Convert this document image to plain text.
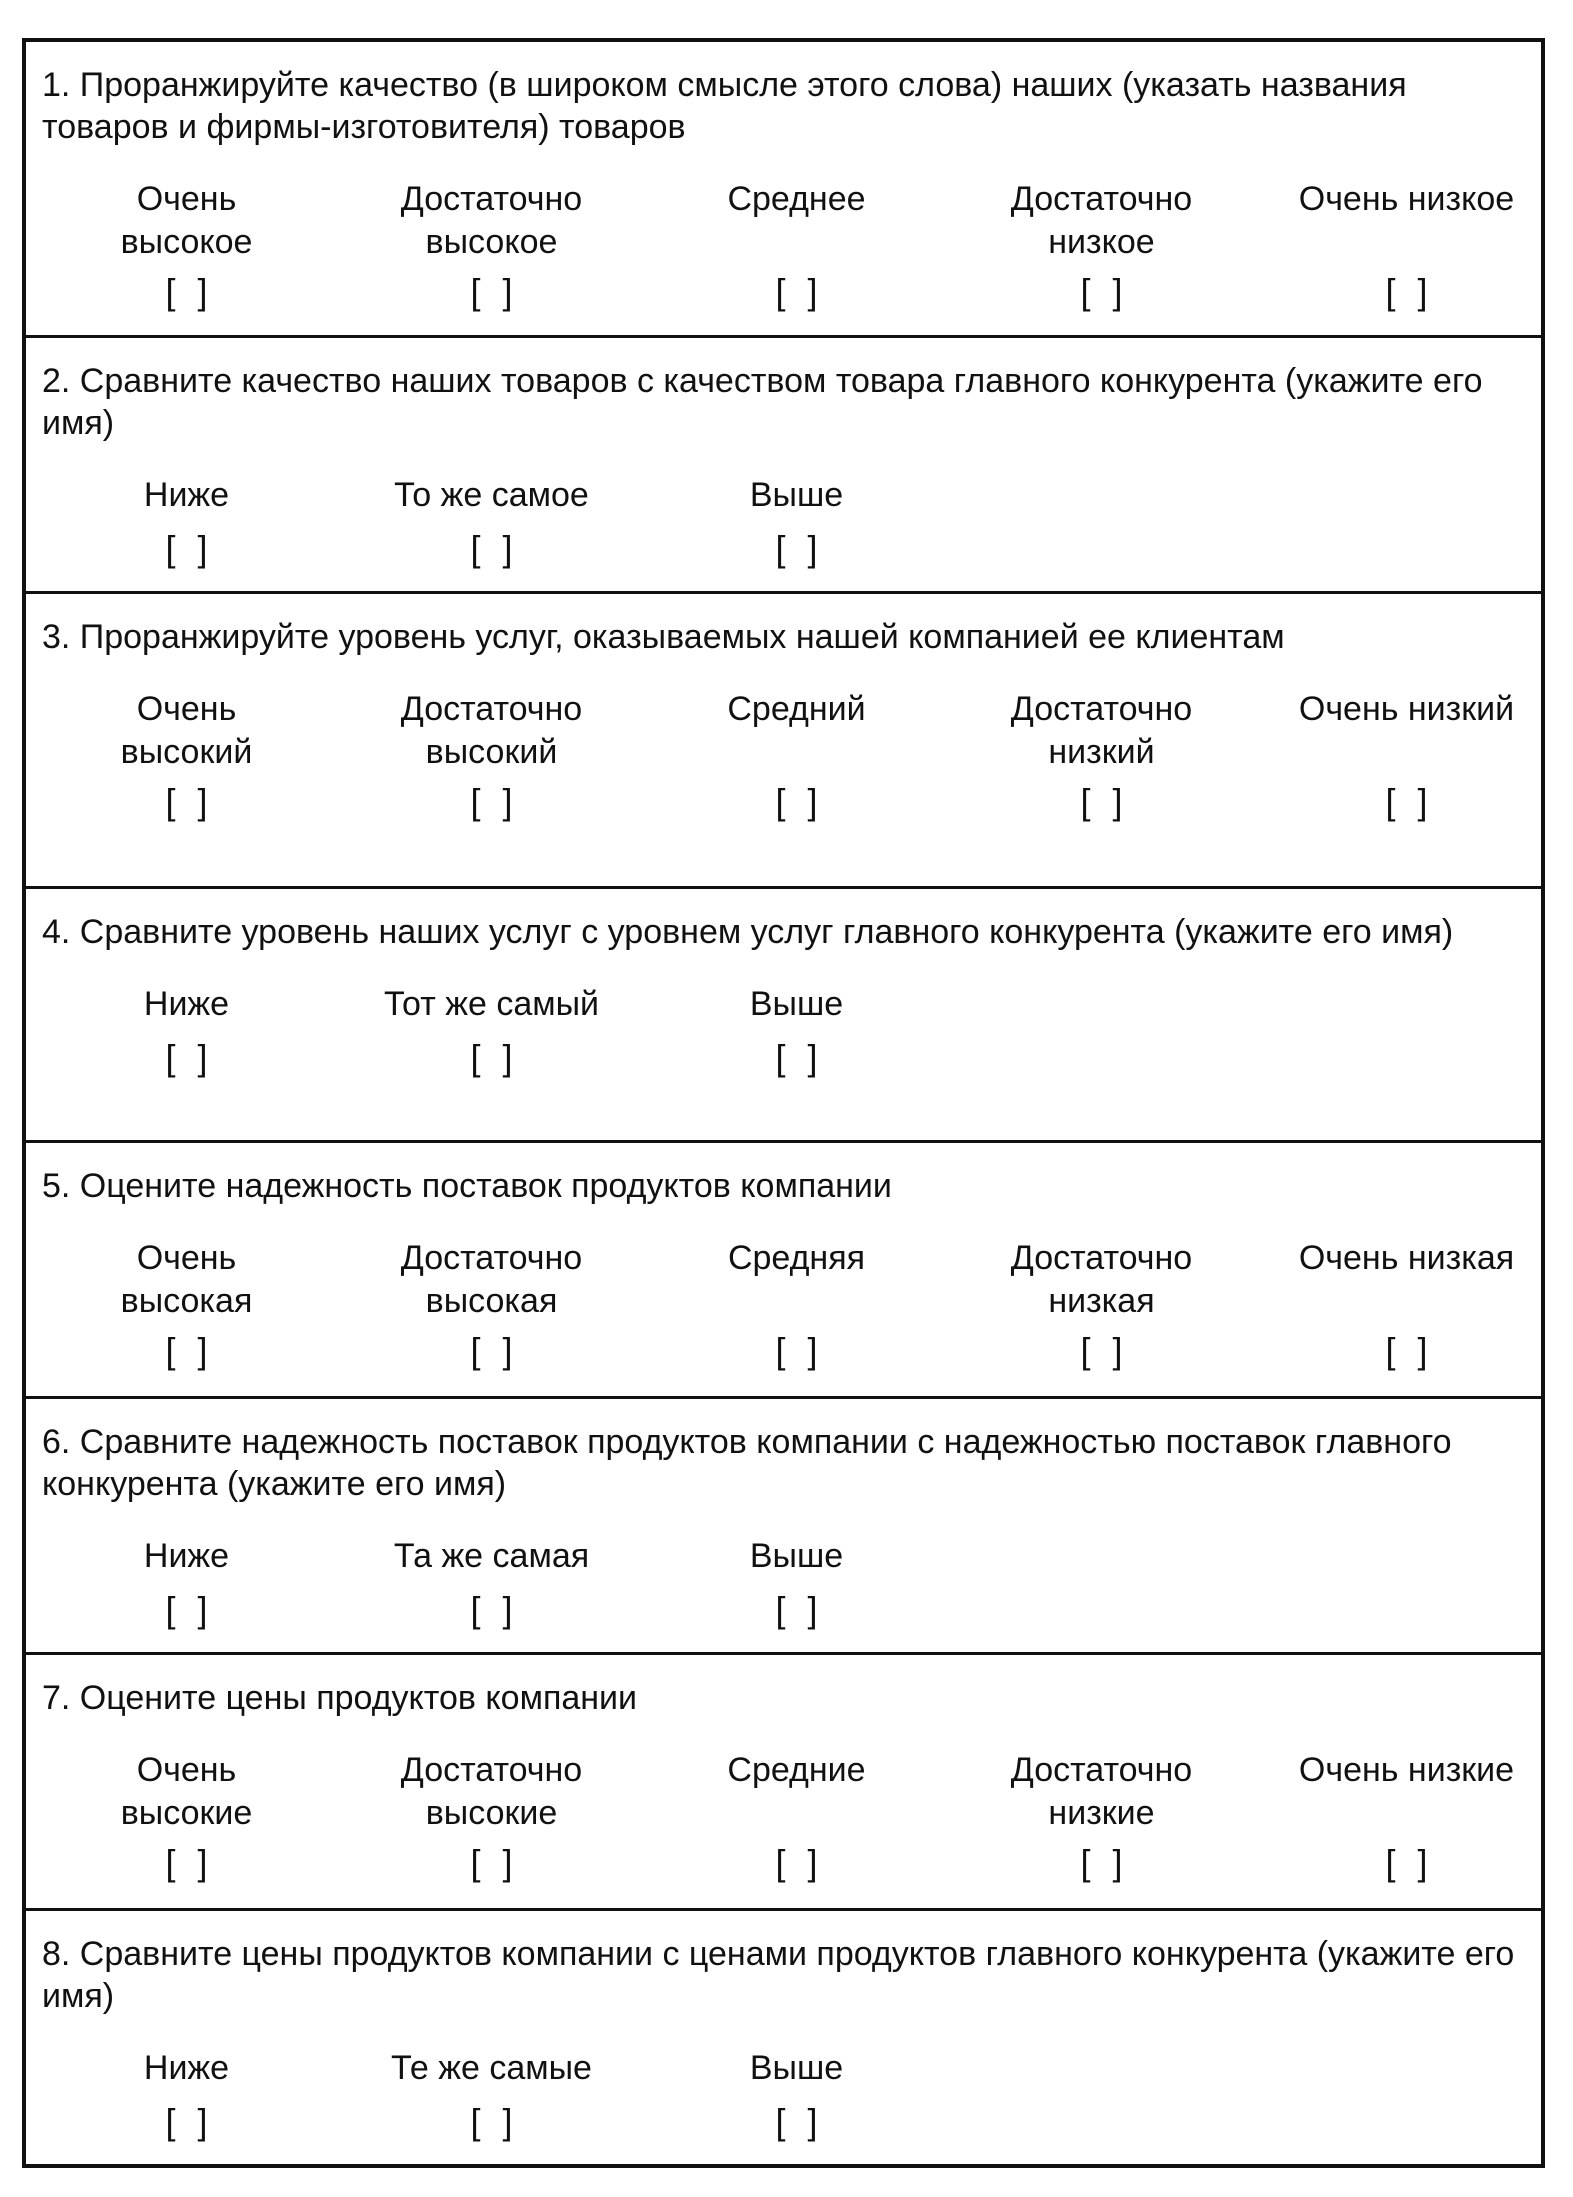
1. Проранжируйте качество (в широком смысле этого слова) наших (указать названия товаров и фирмы-изготовителя) товаров
Очень
высокое
[ ]
Достаточно
высокое
[ ]
Среднее
[ ]
Достаточно
низкое
[ ]
Очень низкое
[ ]
2. Сравните качество наших товаров с качеством товара главного конкурента (укажите его имя)
Ниже
[ ]
То же самое
[ ]
Выше
[ ]
3. Проранжируйте уровень услуг, оказываемых нашей компанией ее клиентам
Очень
высокий
[ ]
Достаточно
высокий
[ ]
Средний
[ ]
Достаточно
низкий
[ ]
Очень низкий
[ ]
4. Сравните уровень наших услуг с уровнем услуг главного конкурента (укажите его имя)
Ниже
[ ]
Тот же самый
[ ]
Выше
[ ]
5. Оцените надежность поставок продуктов компании
Очень
высокая
[ ]
Достаточно
высокая
[ ]
Средняя
[ ]
Достаточно
низкая
[ ]
Очень низкая
[ ]
6. Сравните надежность поставок продуктов компании с надежностью поставок главного конкурента (укажите его имя)
Ниже
[ ]
Та же самая
[ ]
Выше
[ ]
7. Оцените цены продуктов компании
Очень
высокие
[ ]
Достаточно
высокие
[ ]
Средние
[ ]
Достаточно
низкие
[ ]
Очень низкие
[ ]
8. Сравните цены продуктов компании с ценами продуктов главного конкурента (укажите его имя)
Ниже
[ ]
Те же самые
[ ]
Выше
[ ]
